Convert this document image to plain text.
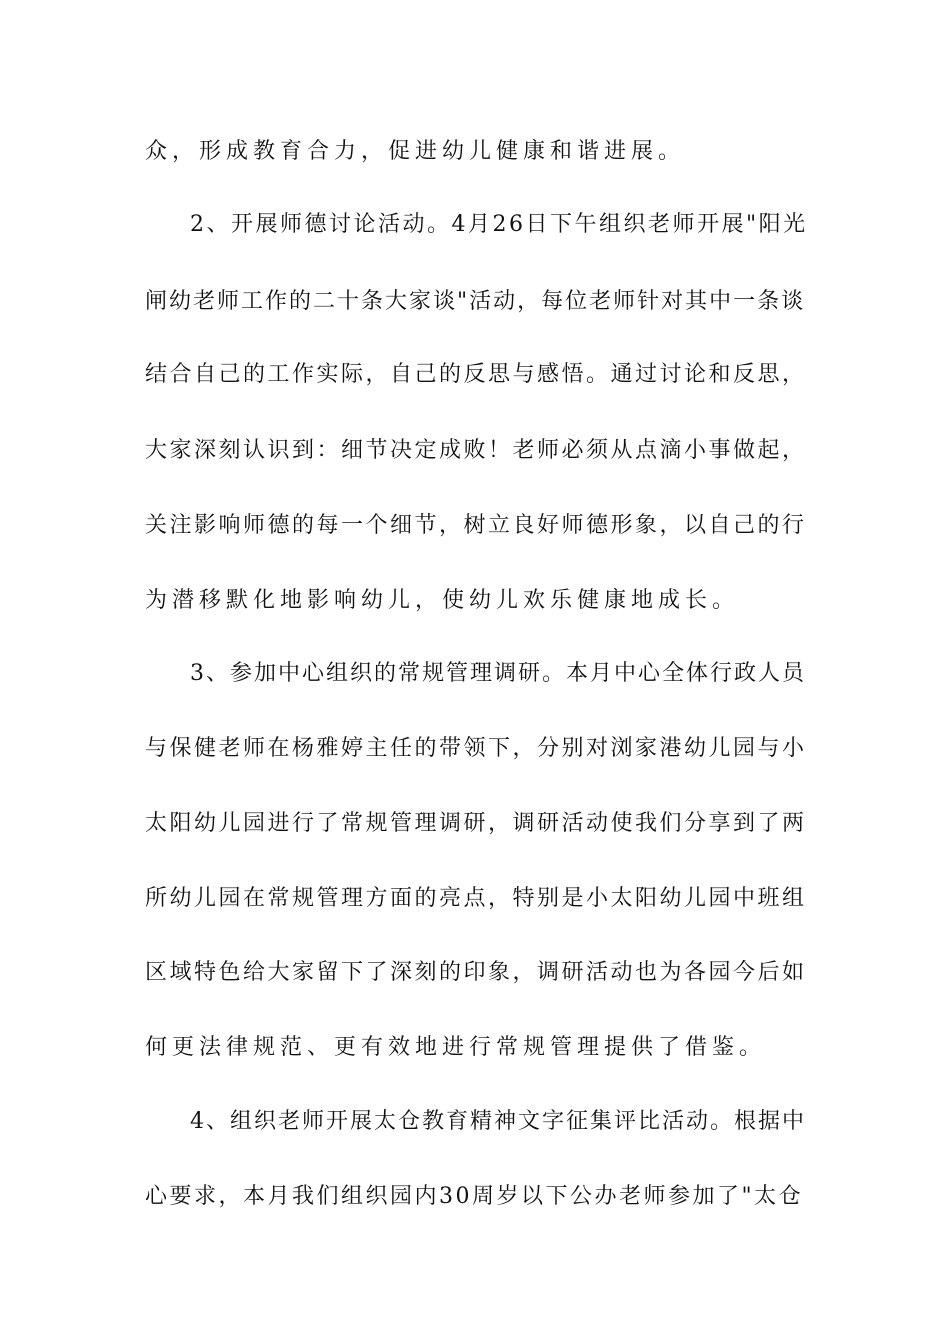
众，形成教育合力，促进幼儿健康和谐进展。
2、开展师德讨论活动。4月26日下午组织老师开展"阳光
闸幼老师工作的二十条大家谈"活动，每位老师针对其中一条谈
结合自己的工作实际，自己的反思与感悟。通过讨论和反思，
大家深刻认识到：细节决定成败！老师必须从点滴小事做起，
关注影响师德的每一个细节，树立良好师德形象，以自己的行
为潜移默化地影响幼儿，使幼儿欢乐健康地成长。
3、参加中心组织的常规管理调研。本月中心全体行政人员
与保健老师在杨雅婷主任的带领下，分别对浏家港幼儿园与小
太阳幼儿园进行了常规管理调研，调研活动使我们分享到了两
所幼儿园在常规管理方面的亮点，特别是小太阳幼儿园中班组
区域特色给大家留下了深刻的印象，调研活动也为各园今后如
何更法律规范、更有效地进行常规管理提供了借鉴。
4、组织老师开展太仓教育精神文字征集评比活动。根据中
心要求，本月我们组织园内30周岁以下公办老师参加了"太仓
